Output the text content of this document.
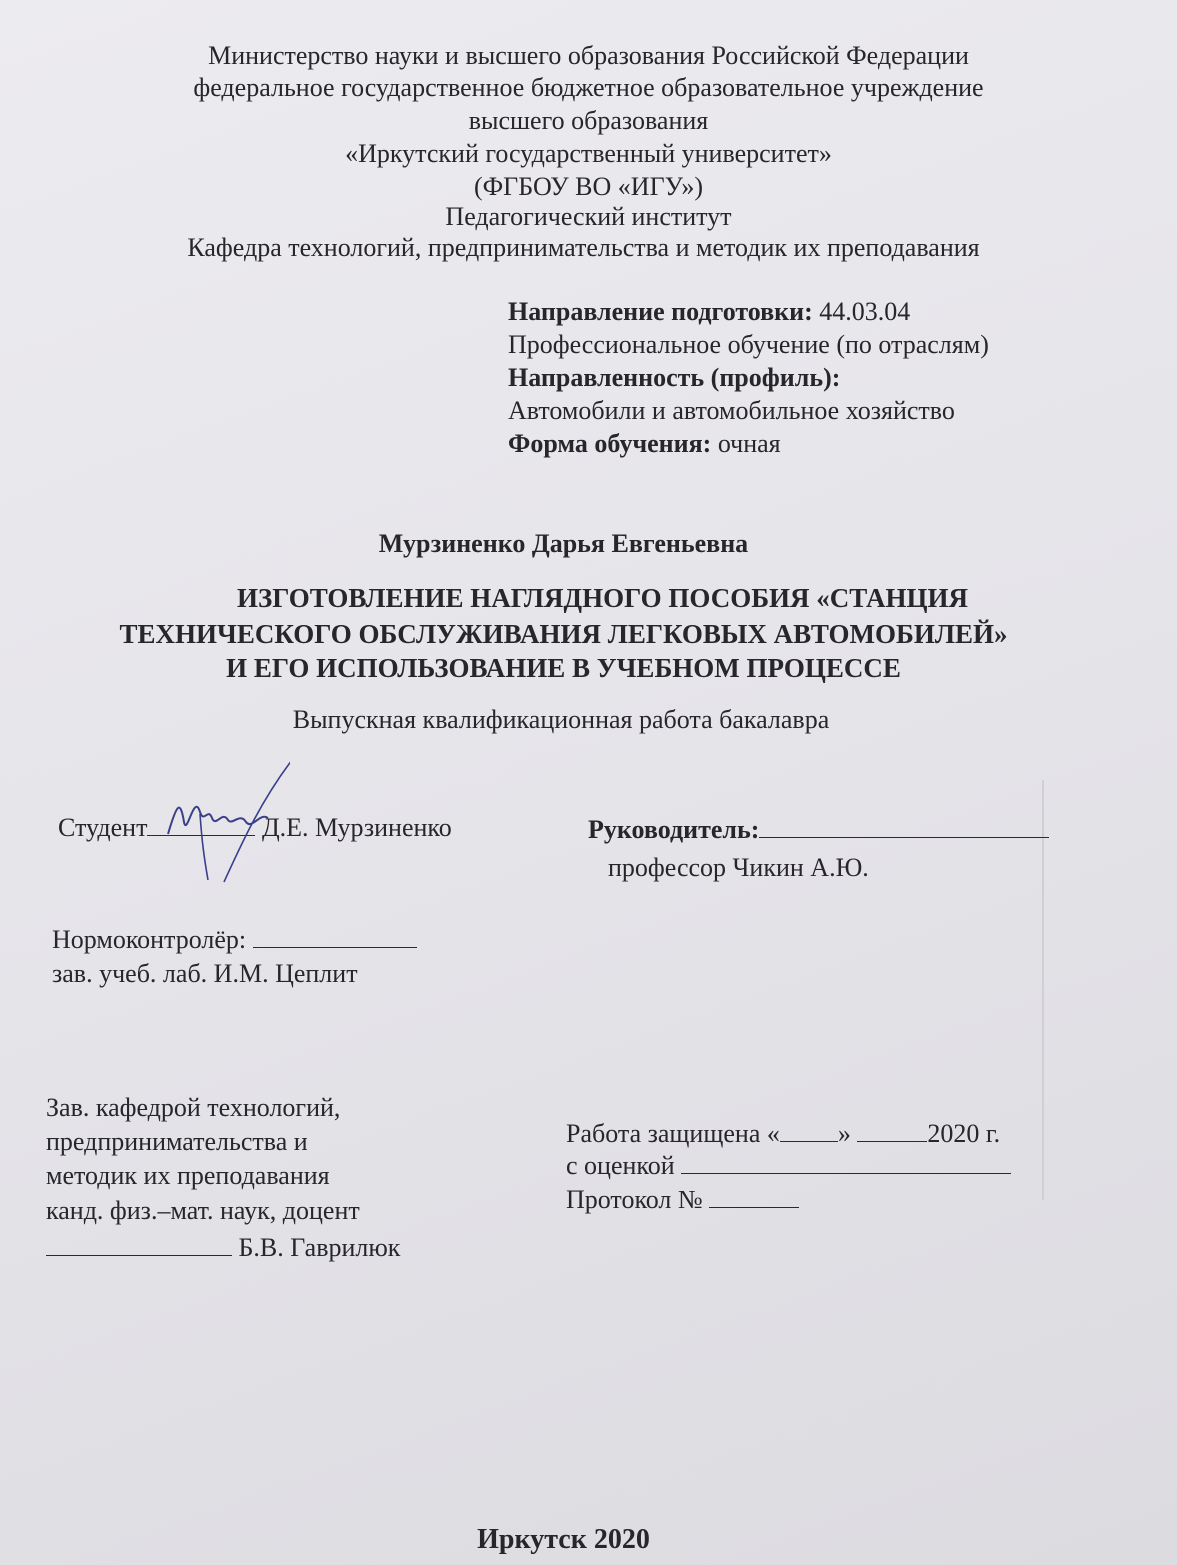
Министерство науки и высшего образования Российской Федерации
федеральное государственное бюджетное образовательное учреждение
высшего образования
«Иркутский государственный университет»
(ФГБОУ ВО «ИГУ»)
Педагогический институт
Кафедра технологий, предпринимательства и методик их преподавания
Направление подготовки: 44.03.04
Профессиональное обучение (по отраслям)
Направленность (профиль):
Автомобили и автомобильное хозяйство
Форма обучения: очная
Мурзиненко Дарья Евгеньевна
ИЗГОТОВЛЕНИЕ НАГЛЯДНОГО ПОСОБИЯ «СТАНЦИЯ
ТЕХНИЧЕСКОГО ОБСЛУЖИВАНИЯ ЛЕГКОВЫХ АВТОМОБИЛЕЙ»
И ЕГО ИСПОЛЬЗОВАНИЕ В УЧЕБНОМ ПРОЦЕССЕ
Выпускная квалификационная работа бакалавра
Студент	Д.Е. Мурзиненко	Руководитель:
профессор Чикин А.Ю.
Нормоконтролёр:
зав. учеб. лаб. И.М. Цеплит
Зав. кафедрой технологий,
предпринимательства и
методик их преподавания
канд. физ.–мат. наук, доцент
Б.В. Гаврилюк
Работа защищена « »	2020 г.
с оценкой
Протокол №
Иркутск 2020
